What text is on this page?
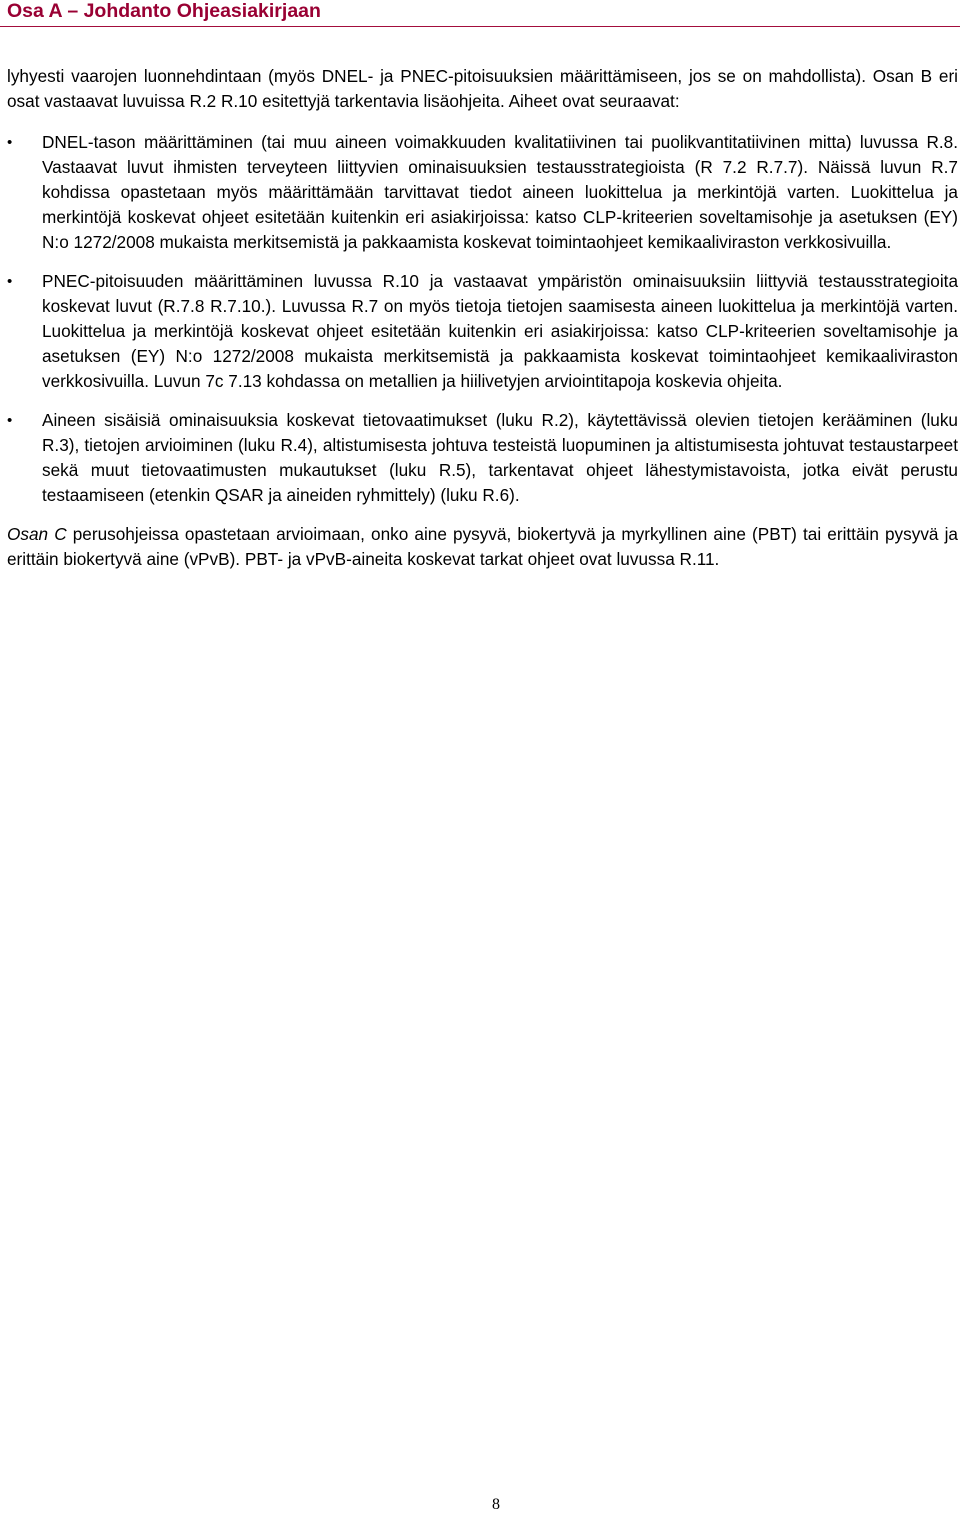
Osa A – Johdanto Ohjeasiakirjaan

lyhyesti vaarojen luonnehdintaan (myös DNEL- ja PNEC-pitoisuuksien määrittämiseen, jos se on mahdollista). Osan B eri osat vastaavat luvuissa R.2 R.10 esitettyjä tarkentavia lisäohjeita. Aiheet ovat seuraavat:

•	DNEL-tason määrittäminen (tai muu aineen voimakkuuden kvalitatiivinen tai puolikvantitatiivinen mitta) luvussa R.8. Vastaavat luvut ihmisten terveyteen liittyvien ominaisuuksien testausstrategioista (R 7.2 R.7.7). Näissä luvun R.7 kohdissa opastetaan myös määrittämään tarvittavat tiedot aineen luokittelua ja merkintöjä varten. Luokittelua ja merkintöjä koskevat ohjeet esitetään kuitenkin eri asiakirjoissa: katso CLP-kriteerien soveltamisohje ja asetuksen (EY) N:o 1272/2008 mukaista merkitsemistä ja pakkaamista koskevat toimintaohjeet kemikaaliviraston verkkosivuilla.
•	PNEC-pitoisuuden määrittäminen luvussa R.10 ja vastaavat ympäristön ominaisuuksiin liittyviä testausstrategioita koskevat luvut (R.7.8 R.7.10.). Luvussa R.7 on myös tietoja tietojen saamisesta aineen luokittelua ja merkintöjä varten. Luokittelua ja merkintöjä koskevat ohjeet esitetään kuitenkin eri asiakirjoissa: katso CLP-kriteerien soveltamisohje ja asetuksen (EY) N:o 1272/2008 mukaista merkitsemistä ja pakkaamista koskevat toimintaohjeet kemikaaliviraston verkkosivuilla. Luvun 7c 7.13 kohdassa on metallien ja hiilivetyjen arviointitapoja koskevia ohjeita.
•	Aineen sisäisiä ominaisuuksia koskevat tietovaatimukset (luku R.2), käytettävissä olevien tietojen kerääminen (luku R.3), tietojen arvioiminen (luku R.4), altistumisesta johtuva testeistä luopuminen ja altistumisesta johtuvat testaustarpeet sekä muut tietovaatimusten mukautukset (luku R.5), tarkentavat ohjeet lähestymistavoista, jotka eivät perustu testaamiseen (etenkin QSAR ja aineiden ryhmittely) (luku R.6).

Osan C perusohjeissa opastetaan arvioimaan, onko aine pysyvä, biokertyvä ja myrkyllinen aine (PBT) tai erittäin pysyvä ja erittäin biokertyvä aine (vPvB). PBT- ja vPvB-aineita koskevat tarkat ohjeet ovat luvussa R.11.

8
